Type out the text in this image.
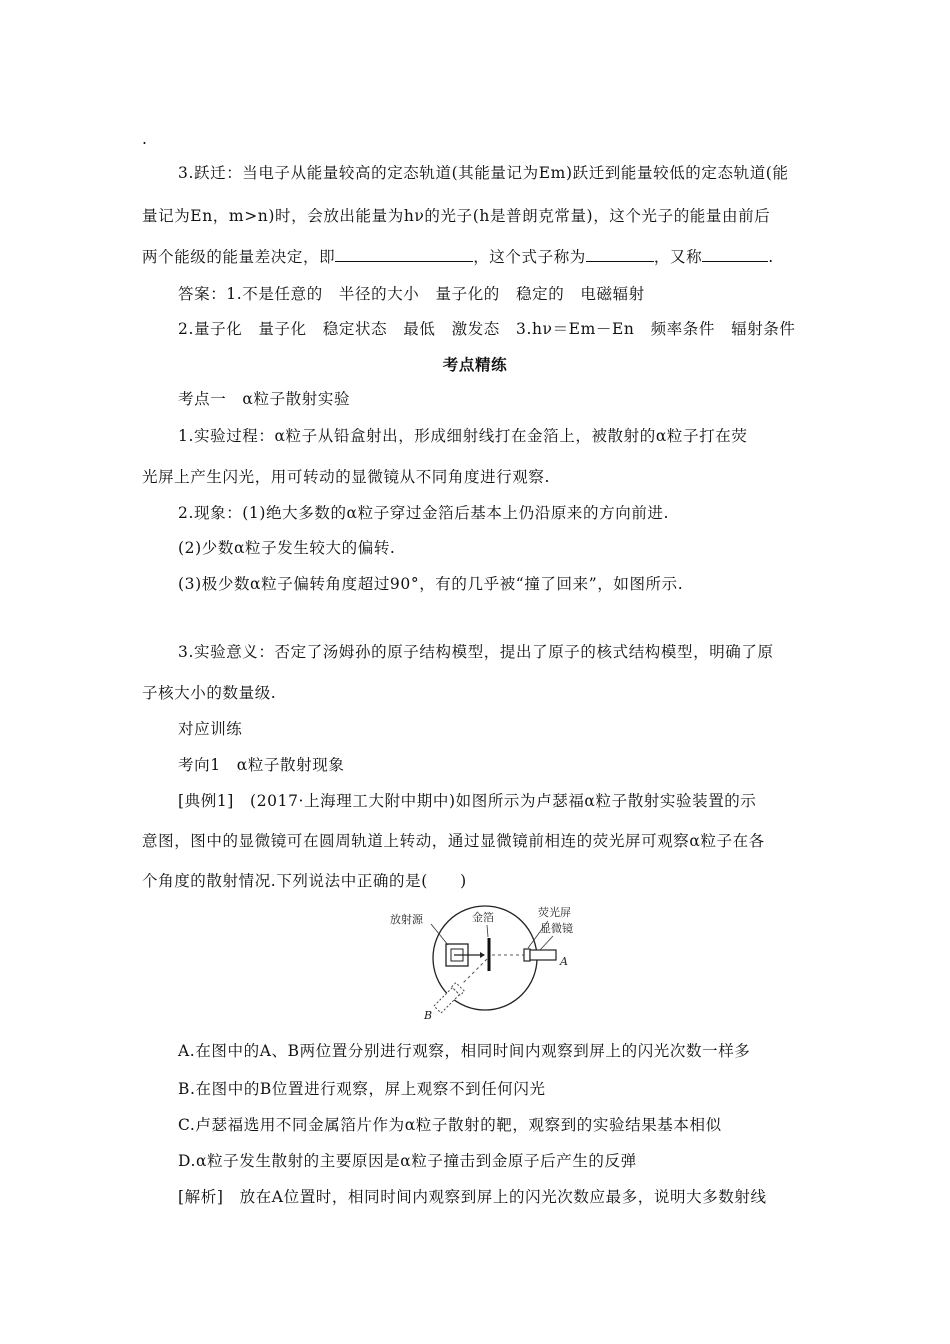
.
3.跃迁：当电子从能量较高的定态轨道(其能量记为Em)跃迁到能量较低的定态轨道(能
量记为En，m>n)时，会放出能量为hν的光子(h是普朗克常量)，这个光子的能量由前后
两个能级的能量差决定，即	，这个式子称为	，又称	.
答案：1.不是任意的　半径的大小　量子化的　稳定的　电磁辐射
2.量子化　量子化　稳定状态　最低　激发态　3.hν＝Em－En　频率条件　辐射条件
考点精练
考点一　α粒子散射实验
1.实验过程：α粒子从铅盒射出，形成细射线打在金箔上，被散射的α粒子打在荧
光屏上产生闪光，用可转动的显微镜从不同角度进行观察.
2.现象：(1)绝大多数的α粒子穿过金箔后基本上仍沿原来的方向前进.
(2)少数α粒子发生较大的偏转.
(3)极少数α粒子偏转角度超过90°，有的几乎被“撞了回来”，如图所示.
3.实验意义：否定了汤姆孙的原子结构模型，提出了原子的核式结构模型，明确了原
子核大小的数量级.
对应训练
考向1　α粒子散射现象
[典例1]　(2017·上海理工大附中期中)如图所示为卢瑟福α粒子散射实验装置的示
意图，图中的显微镜可在圆周轨道上转动，通过显微镜前相连的荧光屏可观察α粒子在各
个角度的散射情况.下列说法中正确的是(　　)
放射源	金箔	荧光屏
显微镜
A
B
A.在图中的A、B两位置分别进行观察，相同时间内观察到屏上的闪光次数一样多
B.在图中的B位置进行观察，屏上观察不到任何闪光
C.卢瑟福选用不同金属箔片作为α粒子散射的靶，观察到的实验结果基本相似
D.α粒子发生散射的主要原因是α粒子撞击到金原子后产生的反弹
[解析]　放在A位置时，相同时间内观察到屏上的闪光次数应最多，说明大多数射线
